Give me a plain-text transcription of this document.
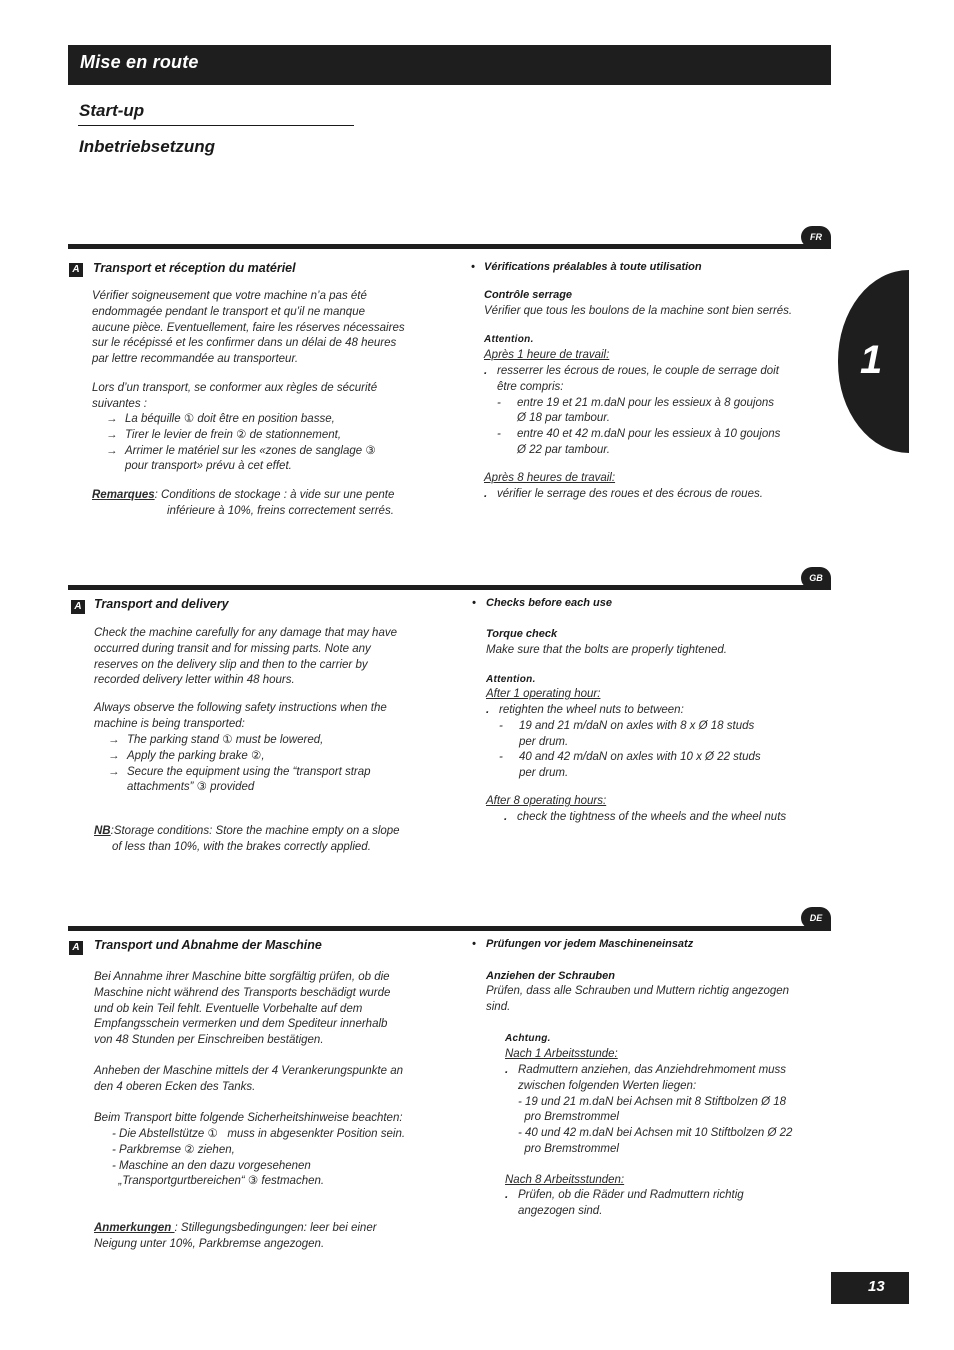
Mise en route
Start-up
Inbetriebsetzung
1
FR
A Transport et réception du matériel
Vérifier soigneusement que votre machine n’a pas été
endommagée pendant le transport et qu’il ne manque
aucune pièce. Eventuellement, faire les réserves nécessaires
sur le récépissé et les confirmer dans un délai de 48 heures
par lettre recommandée au transporteur.
Lors d’un transport, se conformer aux règles de sécurité
suivantes :
→ La béquille ① doit être en position basse,
→ Tirer le levier de frein ② de stationnement,
→ Arrimer le matériel sur les «zones de sanglage ③
pour transport» prévu à cet effet.
Remarques: Conditions de stockage : à vide sur une pente
inférieure à 10%, freins correctement serrés.
• Vérifications préalables à toute utilisation
Contrôle serrage
Vérifier que tous les boulons de la machine sont bien serrés.
Attention.
Après 1 heure de travail:
. resserrer les écrous de roues, le couple de serrage doit
être compris:
- entre 19 et 21 m.daN pour les essieux à 8 goujons
Ø 18 par tambour.
- entre 40 et 42 m.daN pour les essieux à 10 goujons
Ø 22 par tambour.
Après 8 heures de travail:
. vérifier le serrage des roues et des écrous de roues.
GB
A Transport and delivery
Check the machine carefully for any damage that may have
occurred during transit and for missing parts. Note any
reserves on the delivery slip and then to the carrier by
recorded delivery letter within 48 hours.
Always observe the following safety instructions when the
machine is being transported:
→ The parking stand ① must be lowered,
→ Apply the parking brake ②,
→ Secure the equipment using the “transport strap
attachments” ③ provided
NB:Storage conditions: Store the machine empty on a slope
of less than 10%, with the brakes correctly applied.
• Checks before each use
Torque check
Make sure that the bolts are properly tightened.
Attention.
After 1 operating hour:
. retighten the wheel nuts to between:
- 19 and 21 m/daN on axles with 8 x Ø 18 studs
per drum.
- 40 and 42 m/daN on axles with 10 x Ø 22 studs
per drum.
After 8 operating hours:
. check the tightness of the wheels and the wheel nuts
DE
A Transport und Abnahme der Maschine
Bei Annahme ihrer Maschine bitte sorgfältig prüfen, ob die
Maschine nicht während des Transports beschädigt wurde
und ob kein Teil fehlt. Eventuelle Vorbehalte auf dem
Empfangsschein vermerken und dem Spediteur innerhalb
von 48 Stunden per Einschreiben bestätigen.
Anheben der Maschine mittels der 4 Verankerungspunkte an
den 4 oberen Ecken des Tanks.
Beim Transport bitte folgende Sicherheitshinweise beachten:
- Die Abstellstütze ①   muss in abgesenkter Position sein.
- Parkbremse ② ziehen,
- Maschine an den dazu vorgesehenen
„Transportgurtbereichen“ ③ festmachen.
Anmerkungen : Stillegungsbedingungen: leer bei einer
Neigung unter 10%, Parkbremse angezogen.
• Prüfungen vor jedem Maschineneinsatz
Anziehen der Schrauben
Prüfen, dass alle Schrauben und Muttern richtig angezogen
sind.
Achtung.
Nach 1 Arbeitsstunde:
. Radmuttern anziehen, das Anziehdrehmoment muss
zwischen folgenden Werten liegen:
- 19 und 21 m.daN bei Achsen mit 8 Stiftbolzen Ø 18
pro Bremstrommel
- 40 und 42 m.daN bei Achsen mit 10 Stiftbolzen Ø 22
pro Bremstrommel
Nach 8 Arbeitsstunden:
. Prüfen, ob die Räder und Radmuttern richtig
angezogen sind.
13
